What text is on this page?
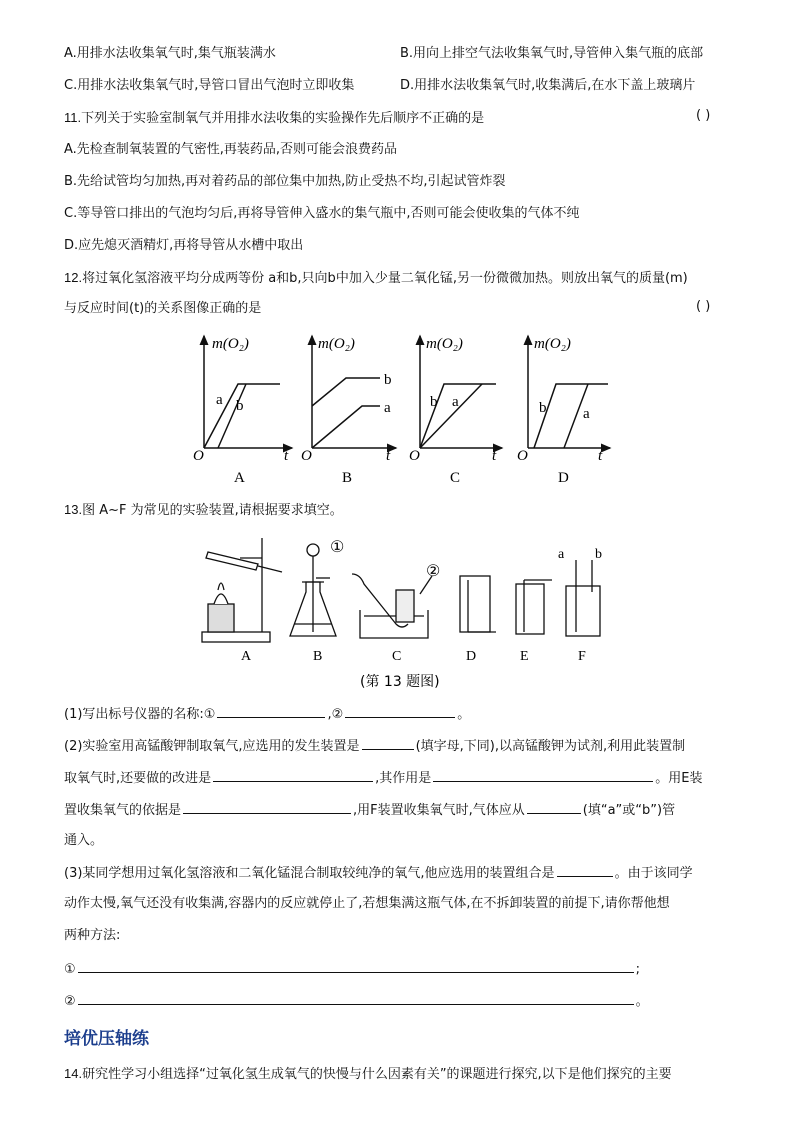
A.用排水法收集氧气时,集气瓶装满水	B.用向上排空气法收集氧气时,导管伸入集气瓶的底部
C.用排水法收集氧气时,导管口冒出气泡时立即收集	D.用排水法收集氧气时,收集满后,在水下盖上玻璃片
11.下列关于实验室制氧气并用排水法收集的实验操作先后顺序不正确的是	( )
A.先检查制氧装置的气密性,再装药品,否则可能会浪费药品
B.先给试管均匀加热,再对着药品的部位集中加热,防止受热不均,引起试管炸裂
C.等导管口排出的气泡均匀后,再将导管伸入盛水的集气瓶中,否则可能会使收集的气体不纯
D.应先熄灭酒精灯,再将导管从水槽中取出
12.将过氧化氢溶液平均分成两等份 a和b,只向b中加入少量二氧化锰,另一份微微加热。则放出氧气的质量(m)
与反应时间(t)的关系图像正确的是	( )
m(O₂)
O	t
a b
A
m(O₂)
O	t
b
a
B
m(O₂)
O	t
b a
C
m(O₂)
O	t
b a
D
13.图 A~F 为常见的实验装置,请根据要求填空。
①
②
a b
A	B	C	D	E	F
(第 13 题图)
(1)写出标号仪器的名称:①	,②	。
(2)实验室用高锰酸钾制取氧气,应选用的发生装置是	(填字母,下同),以高锰酸钾为试剂,利用此装置制
取氧气时,还要做的改进是	,其作用是	。用E装
置收集氧气的依据是	,用F装置收集氧气时,气体应从	(填“a”或“b”)管
通入。
(3)某同学想用过氧化氢溶液和二氧化锰混合制取较纯净的氧气,他应选用的装置组合是	。由于该同学
动作太慢,氧气还没有收集满,容器内的反应就停止了,若想集满这瓶气体,在不拆卸装置的前提下,请你帮他想
两种方法:
①	;
②	。
培优压轴练
14.研究性学习小组选择“过氧化氢生成氧气的快慢与什么因素有关”的课题进行探究,以下是他们探究的主要
